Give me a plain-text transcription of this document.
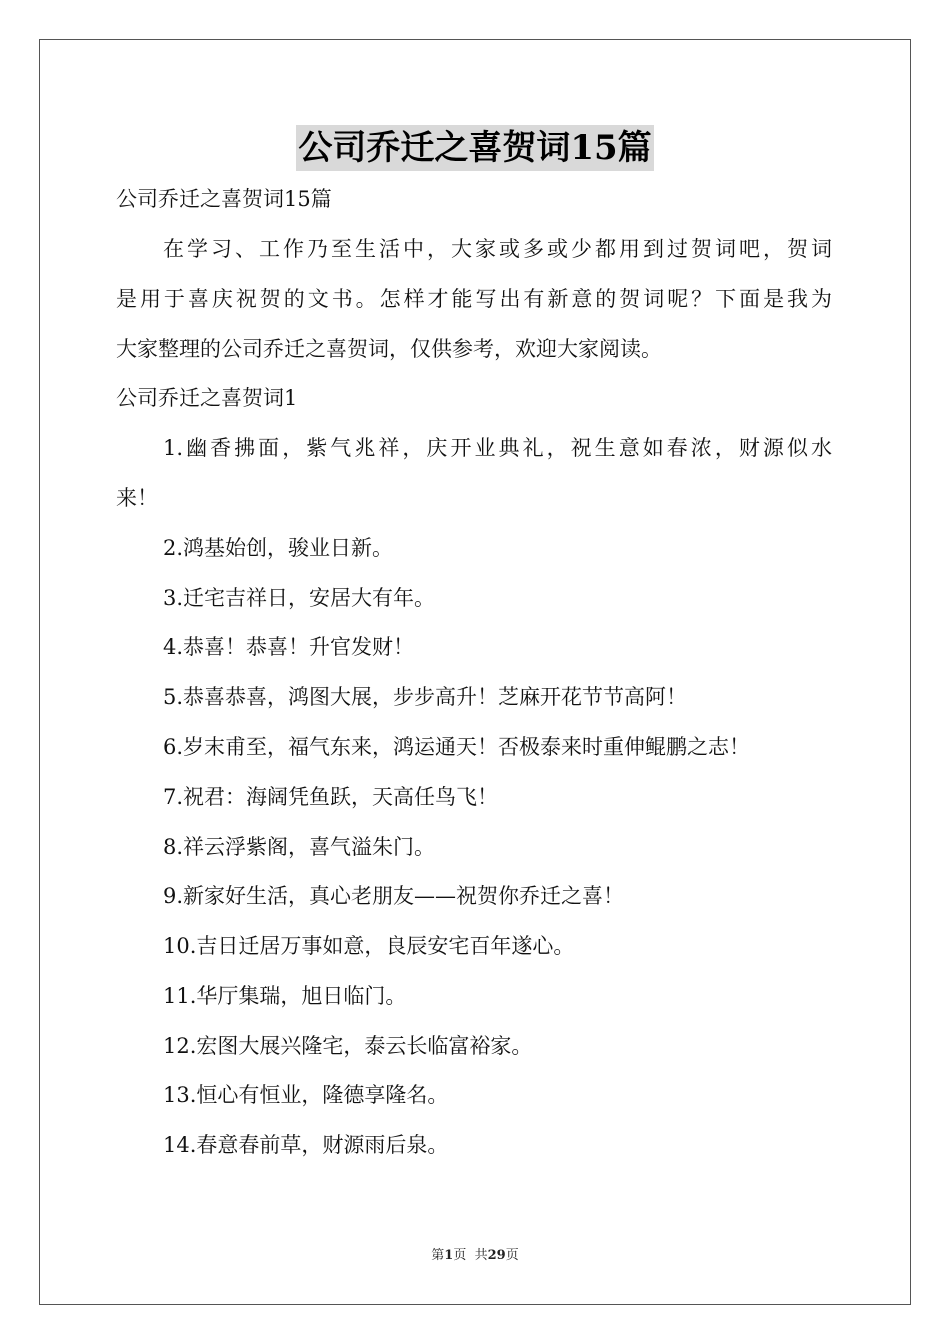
公司乔迁之喜贺词15篇
公司乔迁之喜贺词15篇
在学习、工作乃至生活中，大家或多或少都用到过贺词吧，贺词
是用于喜庆祝贺的文书。怎样才能写出有新意的贺词呢？下面是我为
大家整理的公司乔迁之喜贺词，仅供参考，欢迎大家阅读。
公司乔迁之喜贺词1
1.幽香拂面，紫气兆祥，庆开业典礼，祝生意如春浓，财源似水
来！
2.鸿基始创，骏业日新。
3.迁宅吉祥日，安居大有年。
4.恭喜！恭喜！升官发财！
5.恭喜恭喜，鸿图大展，步步高升！芝麻开花节节高阿！
6.岁末甫至，福气东来，鸿运通天！否极泰来时重伸鲲鹏之志！
7.祝君：海阔凭鱼跃，天高任鸟飞！
8.祥云浮紫阁，喜气溢朱门。
9.新家好生活，真心老朋友——祝贺你乔迁之喜！
10.吉日迁居万事如意，良辰安宅百年遂心。
11.华厅集瑞，旭日临门。
12.宏图大展兴隆宅，泰云长临富裕家。
13.恒心有恒业，隆德享隆名。
14.春意春前草，财源雨后泉。
第1页  共29页
